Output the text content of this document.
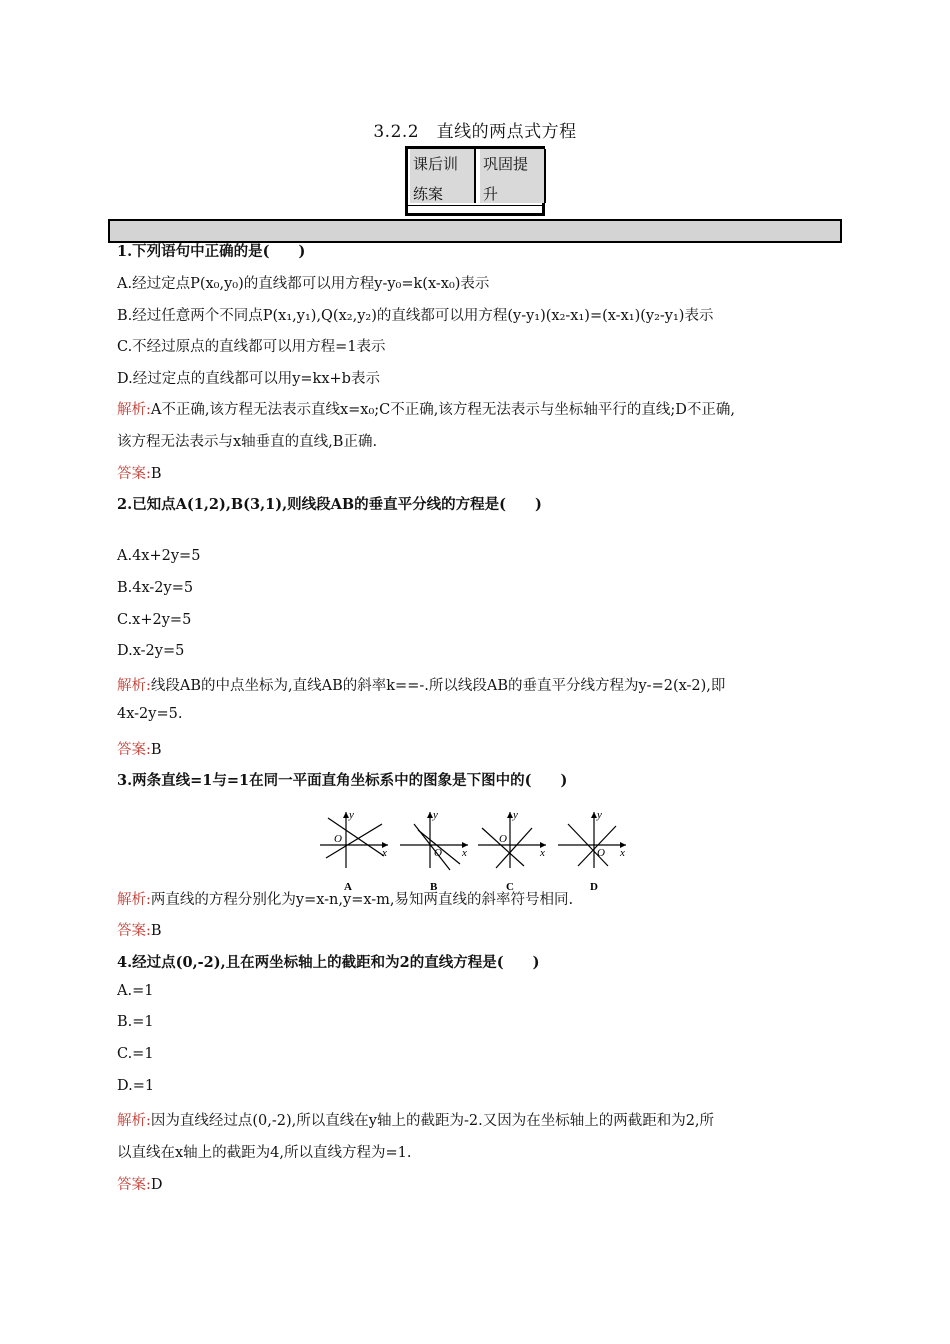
3.2.2　直线的两点式方程
课后训
练案
巩固提
升
1.下列语句中正确的是(　　)
A.经过定点P(x₀,y₀)的直线都可以用方程y-y₀=k(x-x₀)表示
B.经过任意两个不同点P(x₁,y₁),Q(x₂,y₂)的直线都可以用方程(y-y₁)(x₂-x₁)=(x-x₁)(y₂-y₁)表示
C.不经过原点的直线都可以用方程=1表示
D.经过定点的直线都可以用y=kx+b表示
解析:A不正确,该方程无法表示直线x=x₀;C不正确,该方程无法表示与坐标轴平行的直线;D不正确,
该方程无法表示与x轴垂直的直线,B正确.
答案:B
2.已知点A(1,2),B(3,1),则线段AB的垂直平分线的方程是(　　)
A.4x+2y=5
B.4x-2y=5
C.x+2y=5
D.x-2y=5
解析:线段AB的中点坐标为,直线AB的斜率k==-.所以线段AB的垂直平分线方程为y-=2(x-2),即
4x-2y=5.
答案:B
3.两条直线=1与=1在同一平面直角坐标系中的图象是下图中的(　　)
解析:两直线的方程分别化为y=x-n,y=x-m,易知两直线的斜率符号相同.
答案:B
4.经过点(0,-2),且在两坐标轴上的截距和为2的直线方程是(　　)
A.=1
B.=1
C.=1
D.=1
解析:因为直线经过点(0,-2),所以直线在y轴上的截距为-2.又因为在坐标轴上的两截距和为2,所
以直线在x轴上的截距为4,所以直线方程为=1.
答案:D
y
O
x
A
y
O x
B
y
O
x
C
y
O x
D
